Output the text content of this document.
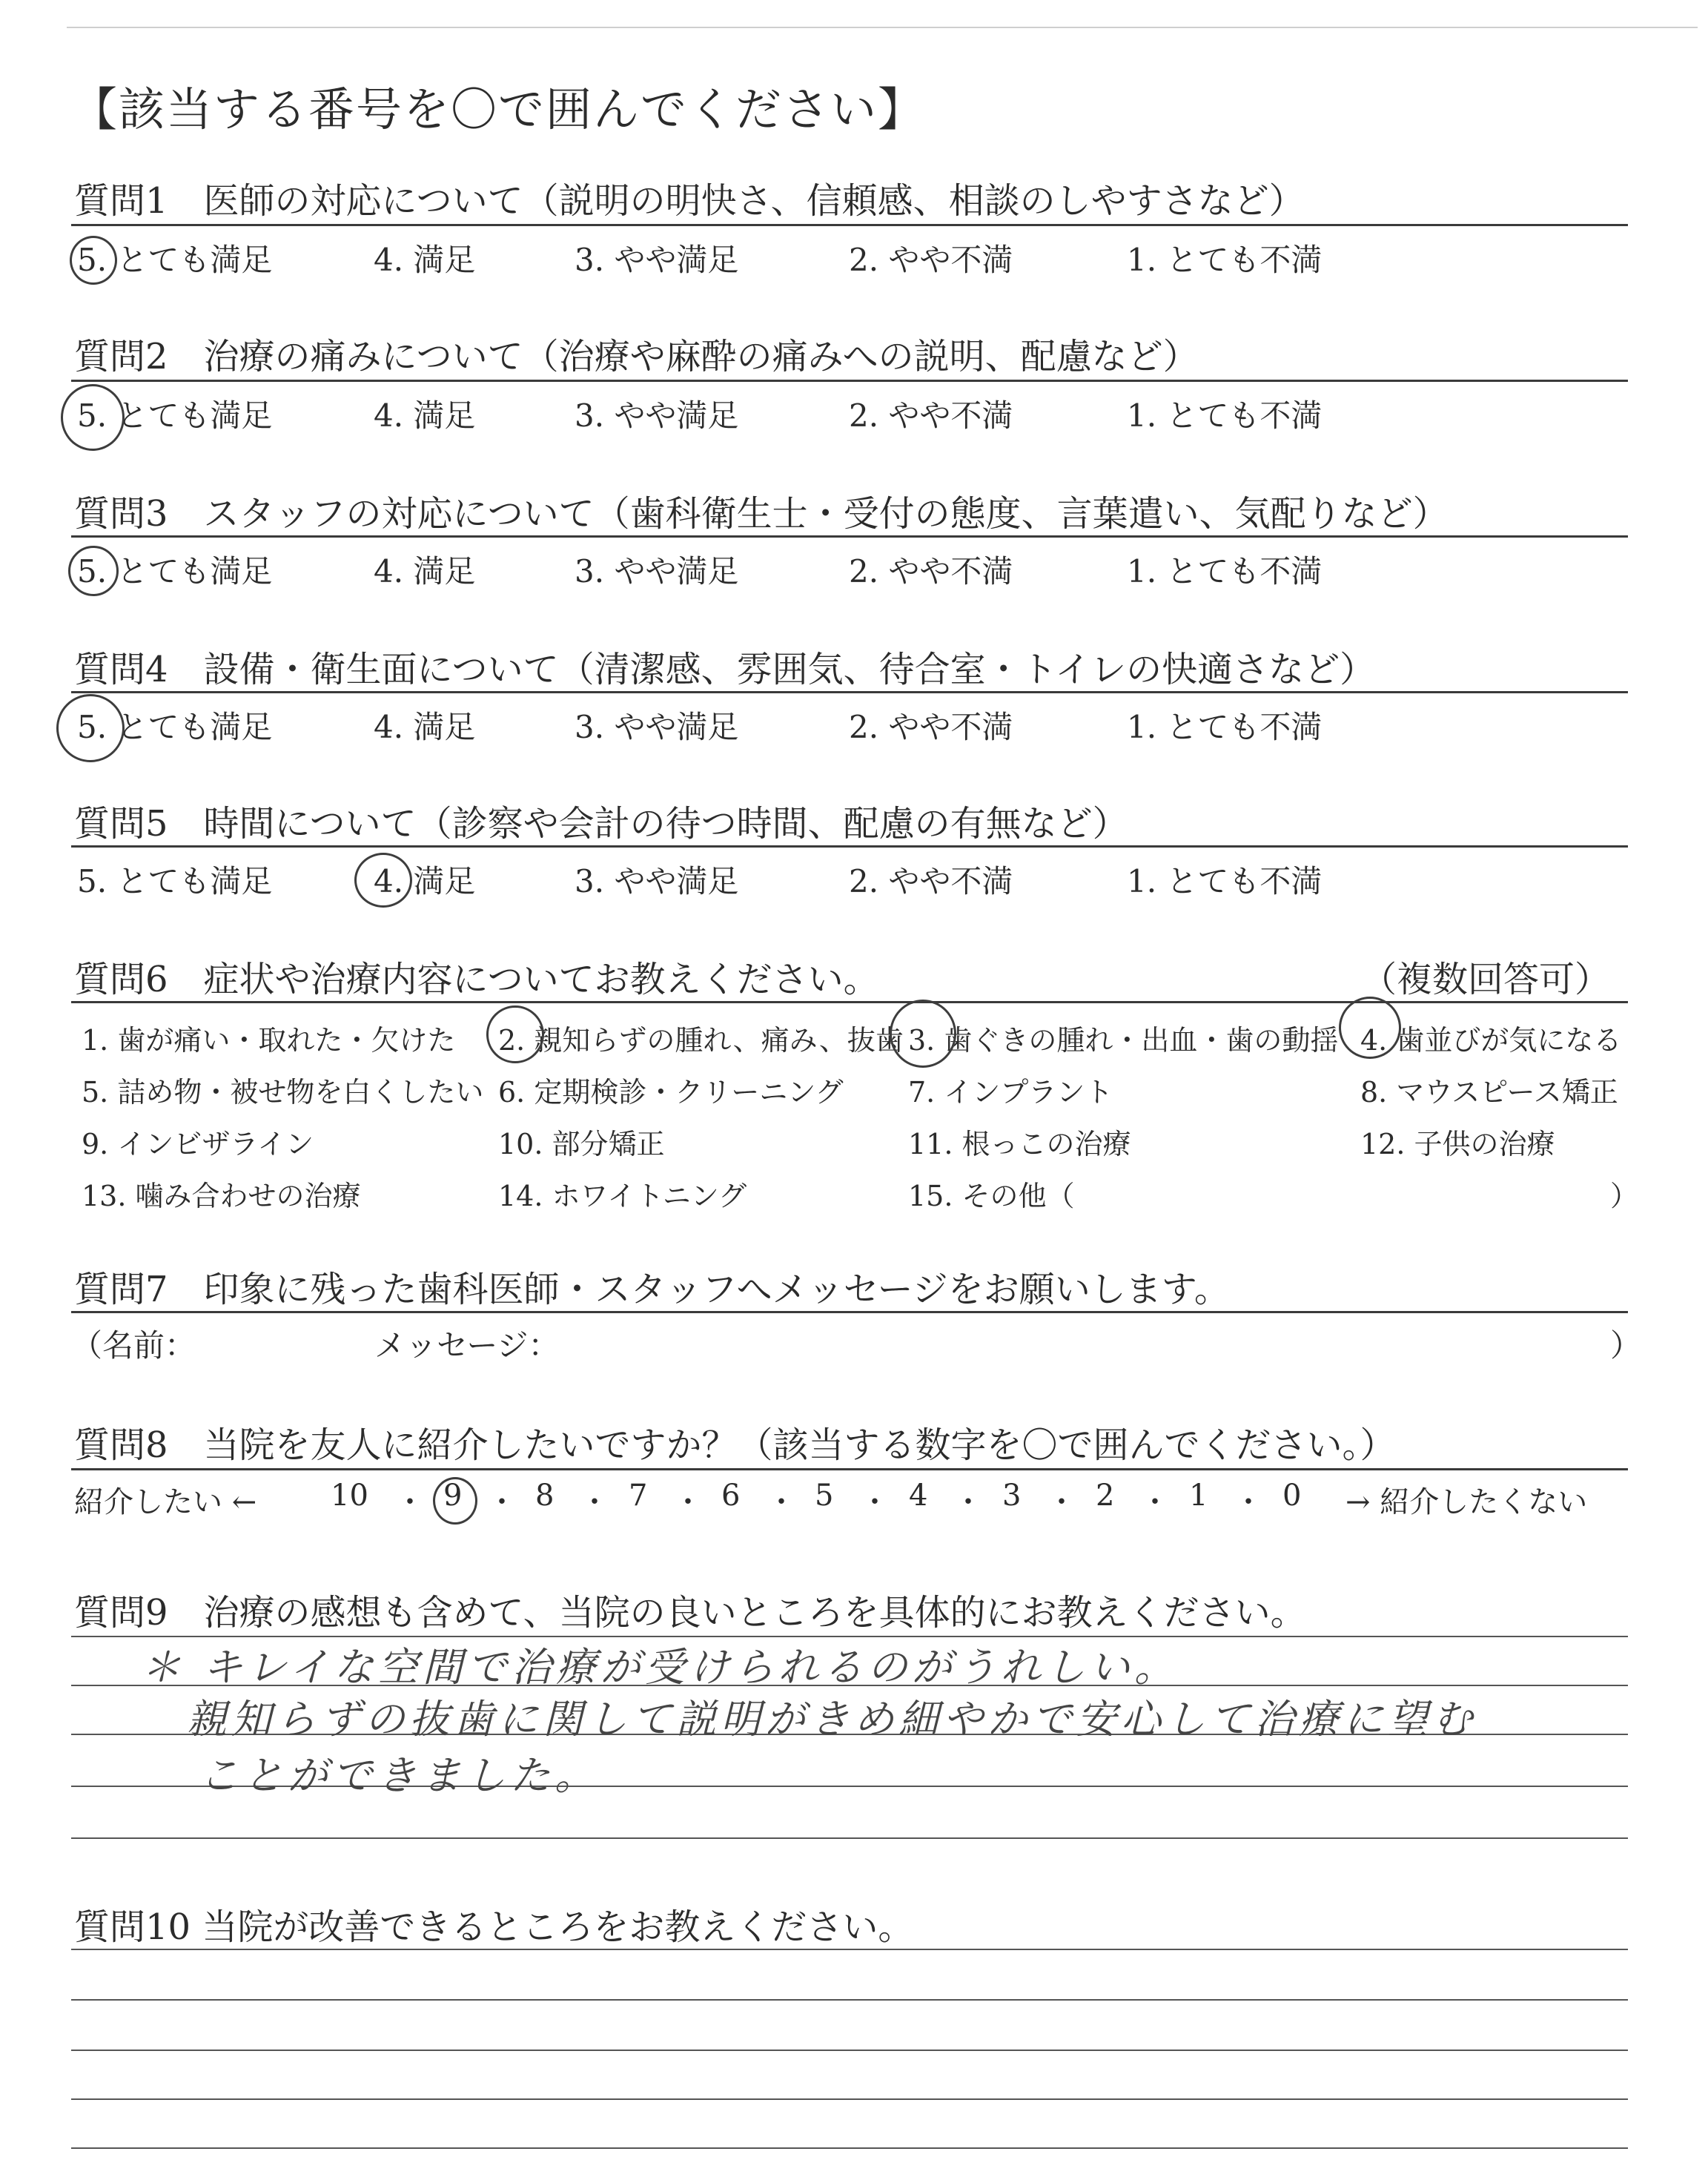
【該当する番号を〇で囲んでください】
質問1　医師の対応について（説明の明快さ、信頼感、相談のしやすさなど）
5. とても満足	4. 満足	3. やや満足	2. やや不満	1. とても不満
質問2　治療の痛みについて（治療や麻酔の痛みへの説明、配慮など）
5. とても満足	4. 満足	3. やや満足	2. やや不満	1. とても不満
質問3　スタッフの対応について（歯科衛生士・受付の態度、言葉遣い、気配りなど）
5. とても満足	4. 満足	3. やや満足	2. やや不満	1. とても不満
質問4　設備・衛生面について（清潔感、雰囲気、待合室・トイレの快適さなど）
5. とても満足	4. 満足	3. やや満足	2. やや不満	1. とても不満
質問5　時間について（診察や会計の待つ時間、配慮の有無など）
5. とても満足	4. 満足	3. やや満足	2. やや不満	1. とても不満
質問6　症状や治療内容についてお教えください。	（複数回答可）
1. 歯が痛い・取れた・欠けた 2. 親知らずの腫れ、痛み、抜歯 3. 歯ぐきの腫れ・出血・歯の動揺 4. 歯並びが気になる
5. 詰め物・被せ物を白くしたい 6. 定期検診・クリーニング 7. インプラント	8. マウスピース矯正
9. インビザライン	10. 部分矯正	11. 根っこの治療	12. 子供の治療
13. 噛み合わせの治療	14. ホワイトニング	15. その他（	）
質問7　印象に残った歯科医師・スタッフへメッセージをお願いします。
（名前：	メッセージ：	）
質問8　当院を友人に紹介したいですか？（該当する数字を〇で囲んでください。）
紹介したい ←	→ 紹介したくない
10 ・ 9 ・ 8 ・ 7 ・ 6 ・ 5 ・ 4 ・ 3 ・ 2 ・ 1 ・ 0
質問9　治療の感想も含めて、当院の良いところを具体的にお教えください。
＊ キレイな空間で治療が受けられるのがうれしい。
親知らずの抜歯に関して説明がきめ細やかで安心して治療に望む
ことができました。
質問10 当院が改善できるところをお教えください。
